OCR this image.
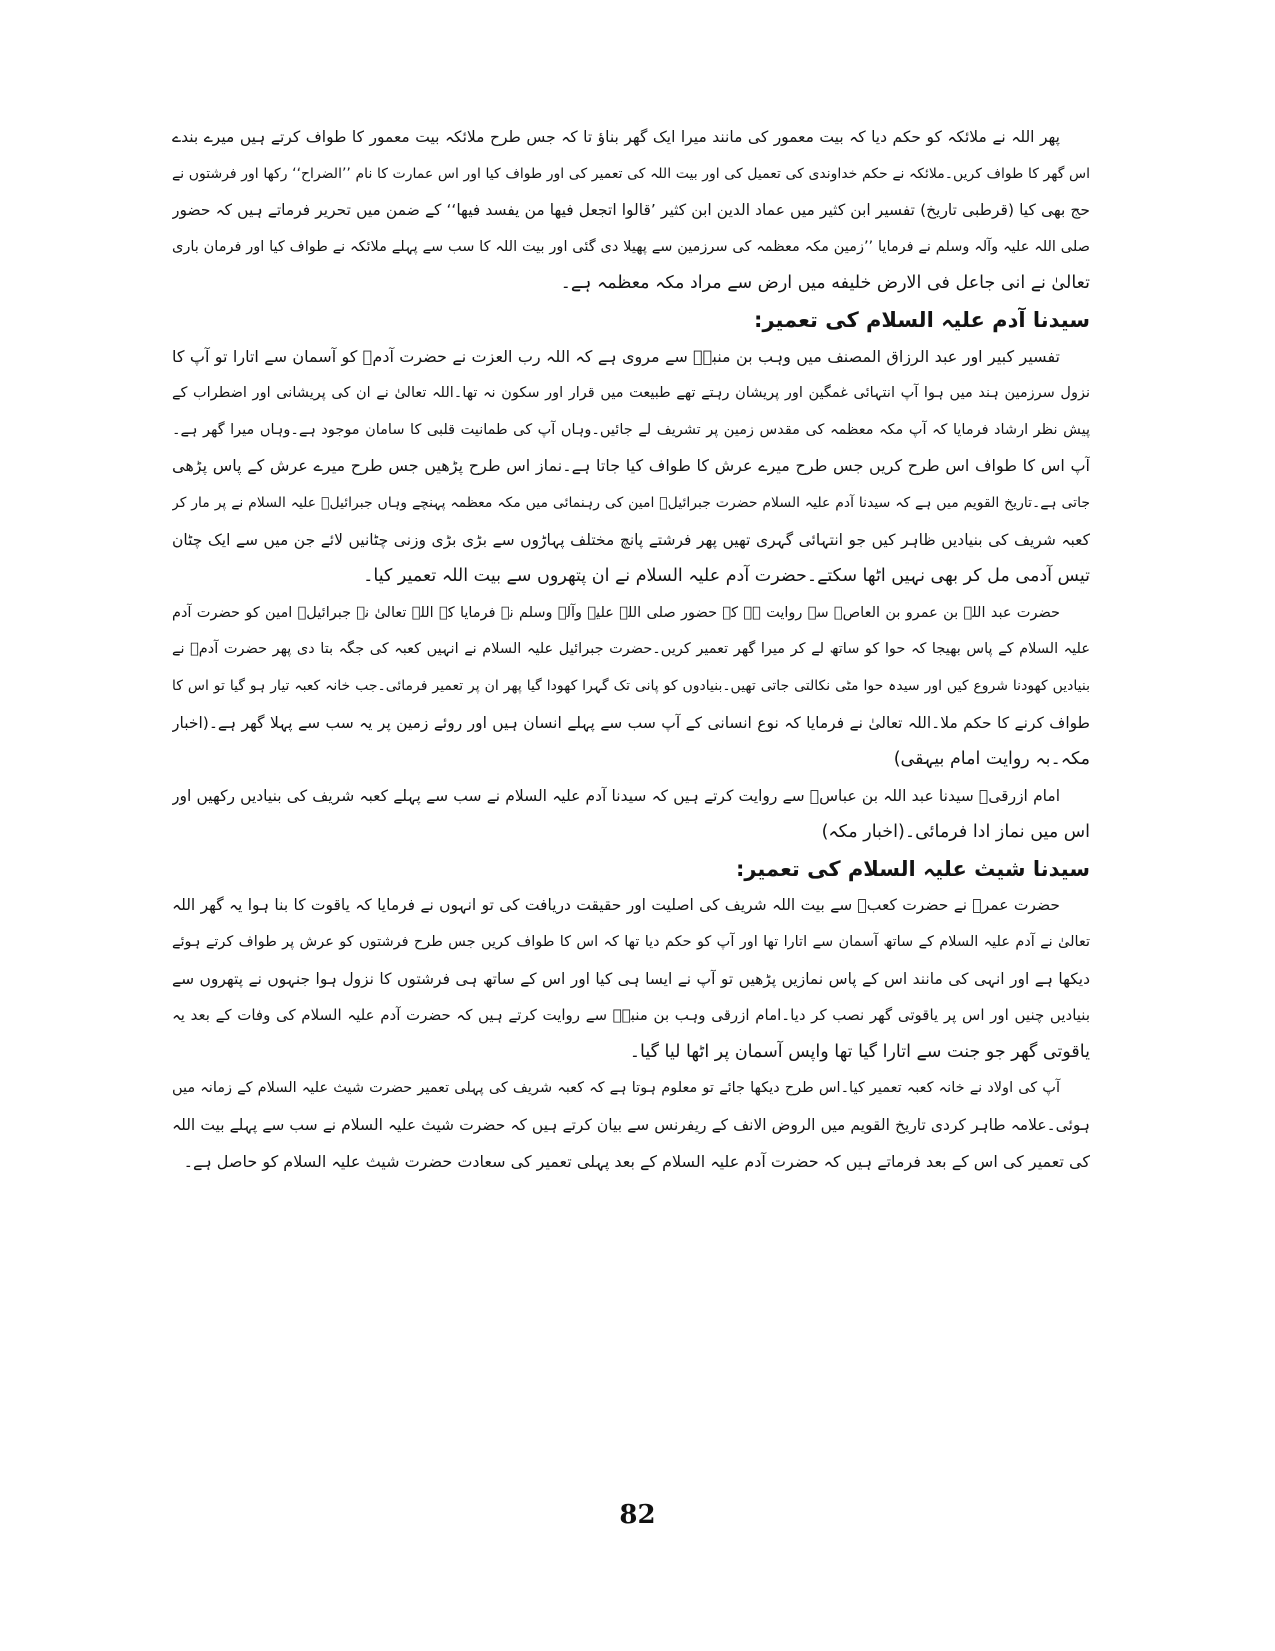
پھر اللہ نے ملائکہ کو حکم دیا کہ بیت معمور کی مانند میرا ایک گھر بناؤ تا کہ جس طرح ملائکہ بیت معمور کا طواف کرتے ہیں میرے بندے
اس گھر کا طواف کریں۔ملائکہ نے حکم خداوندی کی تعمیل کی اور بیت اللہ کی تعمیر کی اور طواف کیا اور اس عمارت کا نام ’’الضراح‘‘ رکھا اور فرشتوں نے
حج بھی کیا (قرطبی تاریخ) تفسیر ابن کثیر میں عماد الدین ابن کثیر ’قالوا اتجعل فیها من یفسد فیها‘‘ کے ضمن میں تحریر فرماتے ہیں کہ حضور
صلی اللہ علیہ وآلہ وسلم نے فرمایا ’’زمین مکہ معظمہ کی سرزمین سے پھیلا دی گئی اور بیت اللہ کا سب سے پہلے ملائکہ نے طواف کیا اور فرمان باری
تعالیٰ نے انی جاعل فی الارض خلیفه میں ارض سے مراد مکہ معظمہ ہے۔
سیدنا آدم علیہ السلام کی تعمیر:
تفسیر کبیر اور عبد الرزاق المصنف میں وہب بن منبہؒ سے مروی ہے کہ اللہ رب العزت نے حضرت آدمؑ کو آسمان سے اتارا تو آپ کا
نزول سرزمین ہند میں ہوا آپ انتہائی غمگین اور پریشان رہتے تھے طبیعت میں قرار اور سکون نہ تھا۔اللہ تعالیٰ نے ان کی پریشانی اور اضطراب کے
پیش نظر ارشاد فرمایا کہ آپ مکہ معظمہ کی مقدس زمین پر تشریف لے جائیں۔وہاں آپ کی طمانیت قلبی کا سامان موجود ہے۔وہاں میرا گھر ہے۔
آپ اس کا طواف اس طرح کریں جس طرح میرے عرش کا طواف کیا جاتا ہے۔نماز اس طرح پڑھیں جس طرح میرے عرش کے پاس پڑھی
جاتی ہے۔تاریخ القویم میں ہے کہ سیدنا آدم علیہ السلام حضرت جبرائیلؑ امین کی رہنمائی میں مکہ معظمہ پہنچے وہاں جبرائیلؑ علیہ السلام نے پر مار کر
کعبہ شریف کی بنیادیں ظاہر کیں جو انتہائی گہری تھیں پھر فرشتے پانچ مختلف پہاڑوں سے بڑی بڑی وزنی چٹانیں لائے جن میں سے ایک چٹان
تیس آدمی مل کر بھی نہیں اٹھا سکتے۔حضرت آدم علیہ السلام نے ان پتھروں سے بیت اللہ تعمیر کیا۔
حضرت عبد اللہ بن عمرو بن العاصؓ سے روایت ہے کہ حضور صلی اللہ علیہ وآلہ وسلم نے فرمایا کہ اللہ تعالیٰ نے جبرائیلؑ امین کو حضرت آدم
علیہ السلام کے پاس بھیجا کہ حوا کو ساتھ لے کر میرا گھر تعمیر کریں۔حضرت جبرائیل علیہ السلام نے انہیں کعبہ کی جگہ بتا دی پھر حضرت آدمؑ نے
بنیادیں کھودنا شروع کیں اور سیدہ حوا مٹی نکالتی جاتی تھیں۔بنیادوں کو پانی تک گہرا کھودا گیا پھر ان پر تعمیر فرمائی۔جب خانہ کعبہ تیار ہو گیا تو اس کا
طواف کرنے کا حکم ملا۔اللہ تعالیٰ نے فرمایا کہ نوع انسانی کے آپ سب سے پہلے انسان ہیں اور روئے زمین پر یہ سب سے پہلا گھر ہے۔(اخبار
مکہ۔بہ روایت امام بیہقی)
امام ازرقیؒ سیدنا عبد اللہ بن عباسؓ سے روایت کرتے ہیں کہ سیدنا آدم علیہ السلام نے سب سے پہلے کعبہ شریف کی بنیادیں رکھیں اور
اس میں نماز ادا فرمائی۔(اخبار مکہ)
سیدنا شیث علیہ السلام کی تعمیر:
حضرت عمرؓ نے حضرت کعبؓ سے بیت اللہ شریف کی اصلیت اور حقیقت دریافت کی تو انہوں نے فرمایا کہ یاقوت کا بنا ہوا یہ گھر اللہ
تعالیٰ نے آدم علیہ السلام کے ساتھ آسمان سے اتارا تھا اور آپ کو حکم دیا تھا کہ اس کا طواف کریں جس طرح فرشتوں کو عرش پر طواف کرتے ہوئے
دیکھا ہے اور انہی کی مانند اس کے پاس نمازیں پڑھیں تو آپ نے ایسا ہی کیا اور اس کے ساتھ ہی فرشتوں کا نزول ہوا جنہوں نے پتھروں سے
بنیادیں چنیں اور اس پر یاقوتی گھر نصب کر دیا۔امام ازرقی وہب بن منبہؒ سے روایت کرتے ہیں کہ حضرت آدم علیہ السلام کی وفات کے بعد یہ
یاقوتی گھر جو جنت سے اتارا گیا تھا واپس آسمان پر اٹھا لیا گیا۔
آپ کی اولاد نے خانہ کعبہ تعمیر کیا۔اس طرح دیکھا جائے تو معلوم ہوتا ہے کہ کعبہ شریف کی پہلی تعمیر حضرت شیث علیہ السلام کے زمانہ میں
ہوئی۔علامہ طاہر کردی تاریخ القویم میں الروض الانف کے ریفرنس سے بیان کرتے ہیں کہ حضرت شیث علیہ السلام نے سب سے پہلے بیت اللہ
کی تعمیر کی اس کے بعد فرماتے ہیں کہ حضرت آدم علیہ السلام کے بعد پہلی تعمیر کی سعادت حضرت شیث علیہ السلام کو حاصل ہے۔
82
